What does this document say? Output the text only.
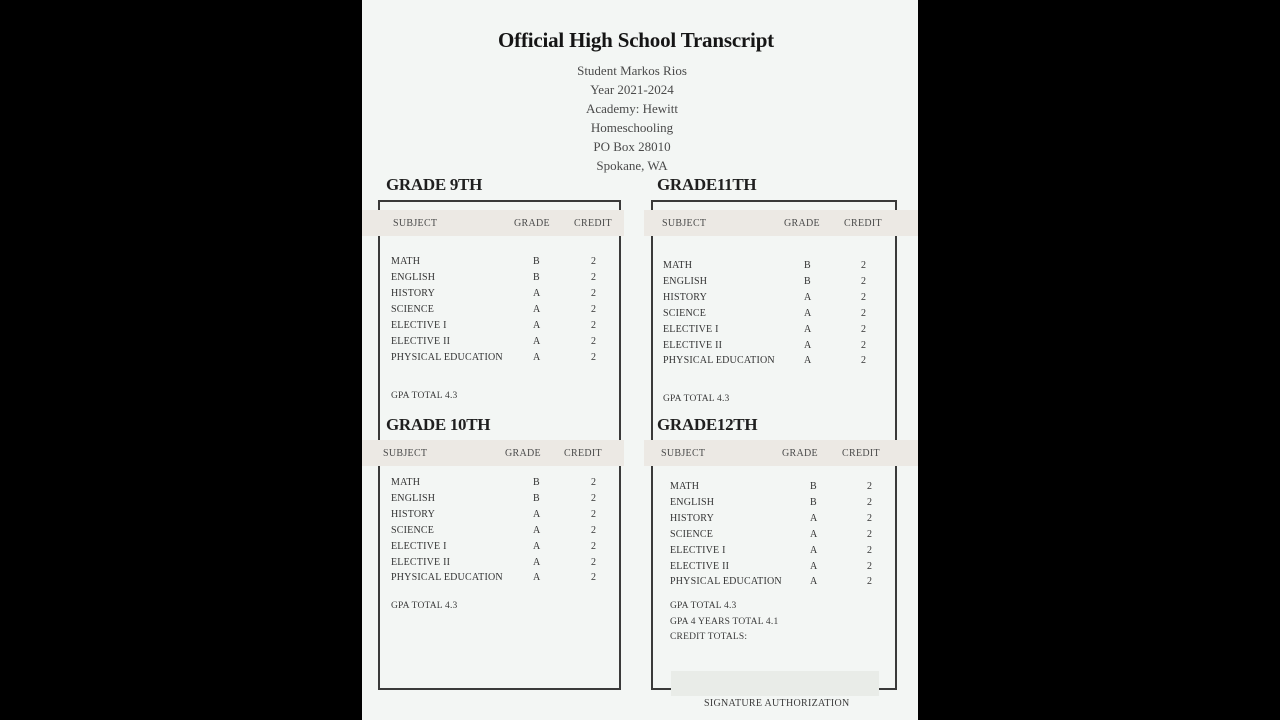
Official High School Transcript
Student Markos Rios
Year 2021-2024
Academy: Hewitt
Homeschooling
PO Box 28010
Spokane, WA
GRADE 9TH
SUBJECT	GRADE CREDIT
MATH	B	2
ENGLISH	B	2
HISTORY	A	2
SCIENCE	A	2
ELECTIVE I	A	2
ELECTIVE II	A	2
PHYSICAL EDUCATION	A	2
GPA TOTAL 4.3
GRADE11TH
SUBJECT	GRADE CREDIT
MATH	B	2
ENGLISH	B	2
HISTORY	A	2
SCIENCE	A	2
ELECTIVE I	A	2
ELECTIVE II	A	2
PHYSICAL EDUCATION	A	2
GPA TOTAL 4.3
GRADE 10TH
SUBJECT	GRADE CREDIT
MATH	B	2
ENGLISH	B	2
HISTORY	A	2
SCIENCE	A	2
ELECTIVE I	A	2
ELECTIVE II	A	2
PHYSICAL EDUCATION	A	2
GPA TOTAL 4.3
GRADE12TH
SUBJECT	GRADE CREDIT
MATH	B	2
ENGLISH	B	2
HISTORY	A	2
SCIENCE	A	2
ELECTIVE I	A	2
ELECTIVE II	A	2
PHYSICAL EDUCATION	A	2
GPA TOTAL 4.3
GPA 4 YEARS TOTAL 4.1
CREDIT TOTALS:
SIGNATURE AUTHORIZATION
